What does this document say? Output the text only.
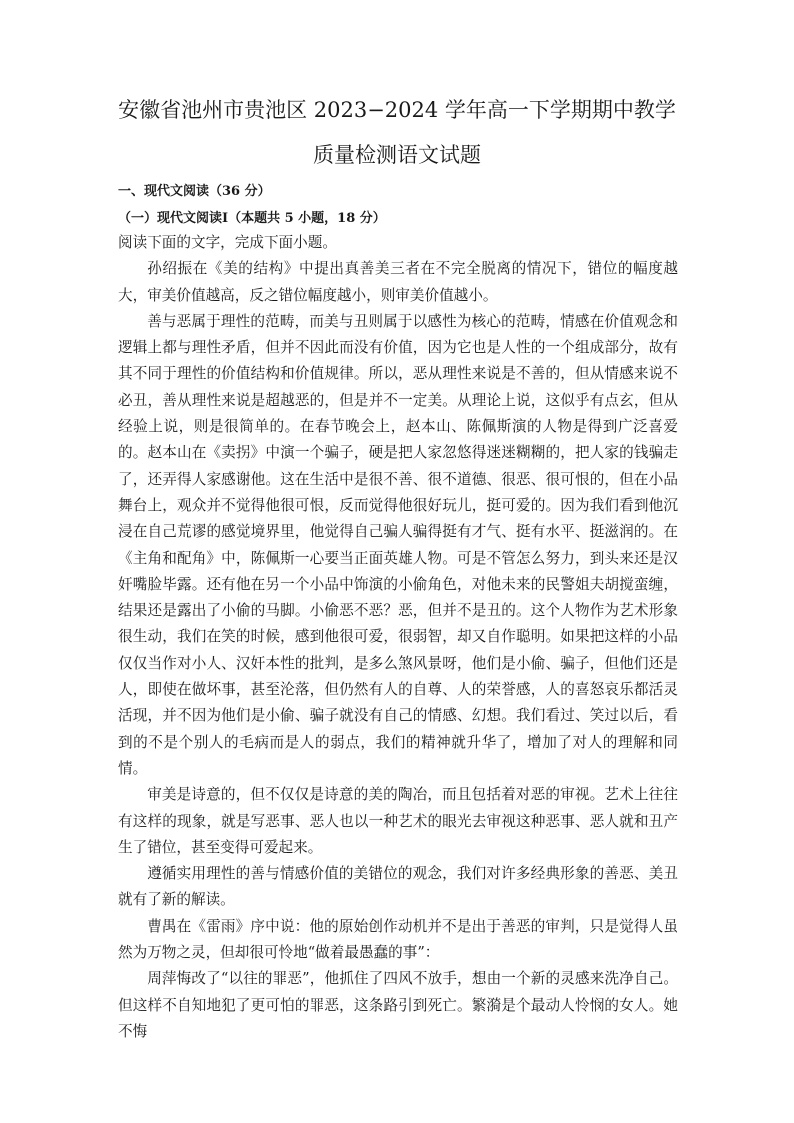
安徽省池州市贵池区 2023−2024 学年高一下学期期中教学
质量检测语文试题
一、现代文阅读（36 分）
（一）现代文阅读Ⅰ（本题共 5 小题，18 分）

阅读下面的文字，完成下面小题。

孙绍振在《美的结构》中提出真善美三者在不完全脱离的情况下，错位的幅度越大，审美价值越高，反之错位幅度越小，则审美价值越小。

善与恶属于理性的范畴，而美与丑则属于以感性为核心的范畴，情感在价值观念和逻辑上都与理性矛盾，但并不因此而没有价值，因为它也是人性的一个组成部分，故有其不同于理性的价值结构和价值规律。所以，恶从理性来说是不善的，但从情感来说不必丑，善从理性来说是超越恶的，但是并不一定美。从理论上说，这似乎有点玄，但从经验上说，则是很简单的。在春节晚会上，赵本山、陈佩斯演的人物是得到广泛喜爱的。赵本山在《卖拐》中演一个骗子，硬是把人家忽悠得迷迷糊糊的，把人家的钱骗走了，还弄得人家感谢他。这在生活中是很不善、很不道德、很恶、很可恨的，但在小品舞台上，观众并不觉得他很可恨，反而觉得他很好玩儿，挺可爱的。因为我们看到他沉浸在自己荒谬的感觉境界里，他觉得自己骗人骗得挺有才气、挺有水平、挺滋润的。在《主角和配角》中，陈佩斯一心要当正面英雄人物。可是不管怎么努力，到头来还是汉奸嘴脸毕露。还有他在另一个小品中饰演的小偷角色，对他未来的民警姐夫胡搅蛮缠，结果还是露出了小偷的马脚。小偷恶不恶？恶，但并不是丑的。这个人物作为艺术形象很生动，我们在笑的时候，感到他很可爱，很弱智，却又自作聪明。如果把这样的小品仅仅当作对小人、汉奸本性的批判，是多么煞风景呀，他们是小偷、骗子，但他们还是人，即使在做坏事，甚至沦落，但仍然有人的自尊、人的荣誉感，人的喜怒哀乐都活灵活现，并不因为他们是小偷、骗子就没有自己的情感、幻想。我们看过、笑过以后，看到的不是个别人的毛病而是人的弱点，我们的精神就升华了，增加了对人的理解和同情。

审美是诗意的，但不仅仅是诗意的美的陶冶，而且包括着对恶的审视。艺术上往往有这样的现象，就是写恶事、恶人也以一种艺术的眼光去审视这种恶事、恶人就和丑产生了错位，甚至变得可爱起来。

遵循实用理性的善与情感价值的美错位的观念，我们对许多经典形象的善恶、美丑就有了新的解读。

曹禺在《雷雨》序中说：他的原始创作动机并不是出于善恶的审判，只是觉得人虽然为万物之灵，但却很可怜地“做着最愚蠢的事”：

周萍悔改了“以往的罪恶”，他抓住了四风不放手，想由一个新的灵感来洗净自己。但这样不自知地犯了更可怕的罪恶，这条路引到死亡。繁漪是个最动人怜悯的女人。她不悔
